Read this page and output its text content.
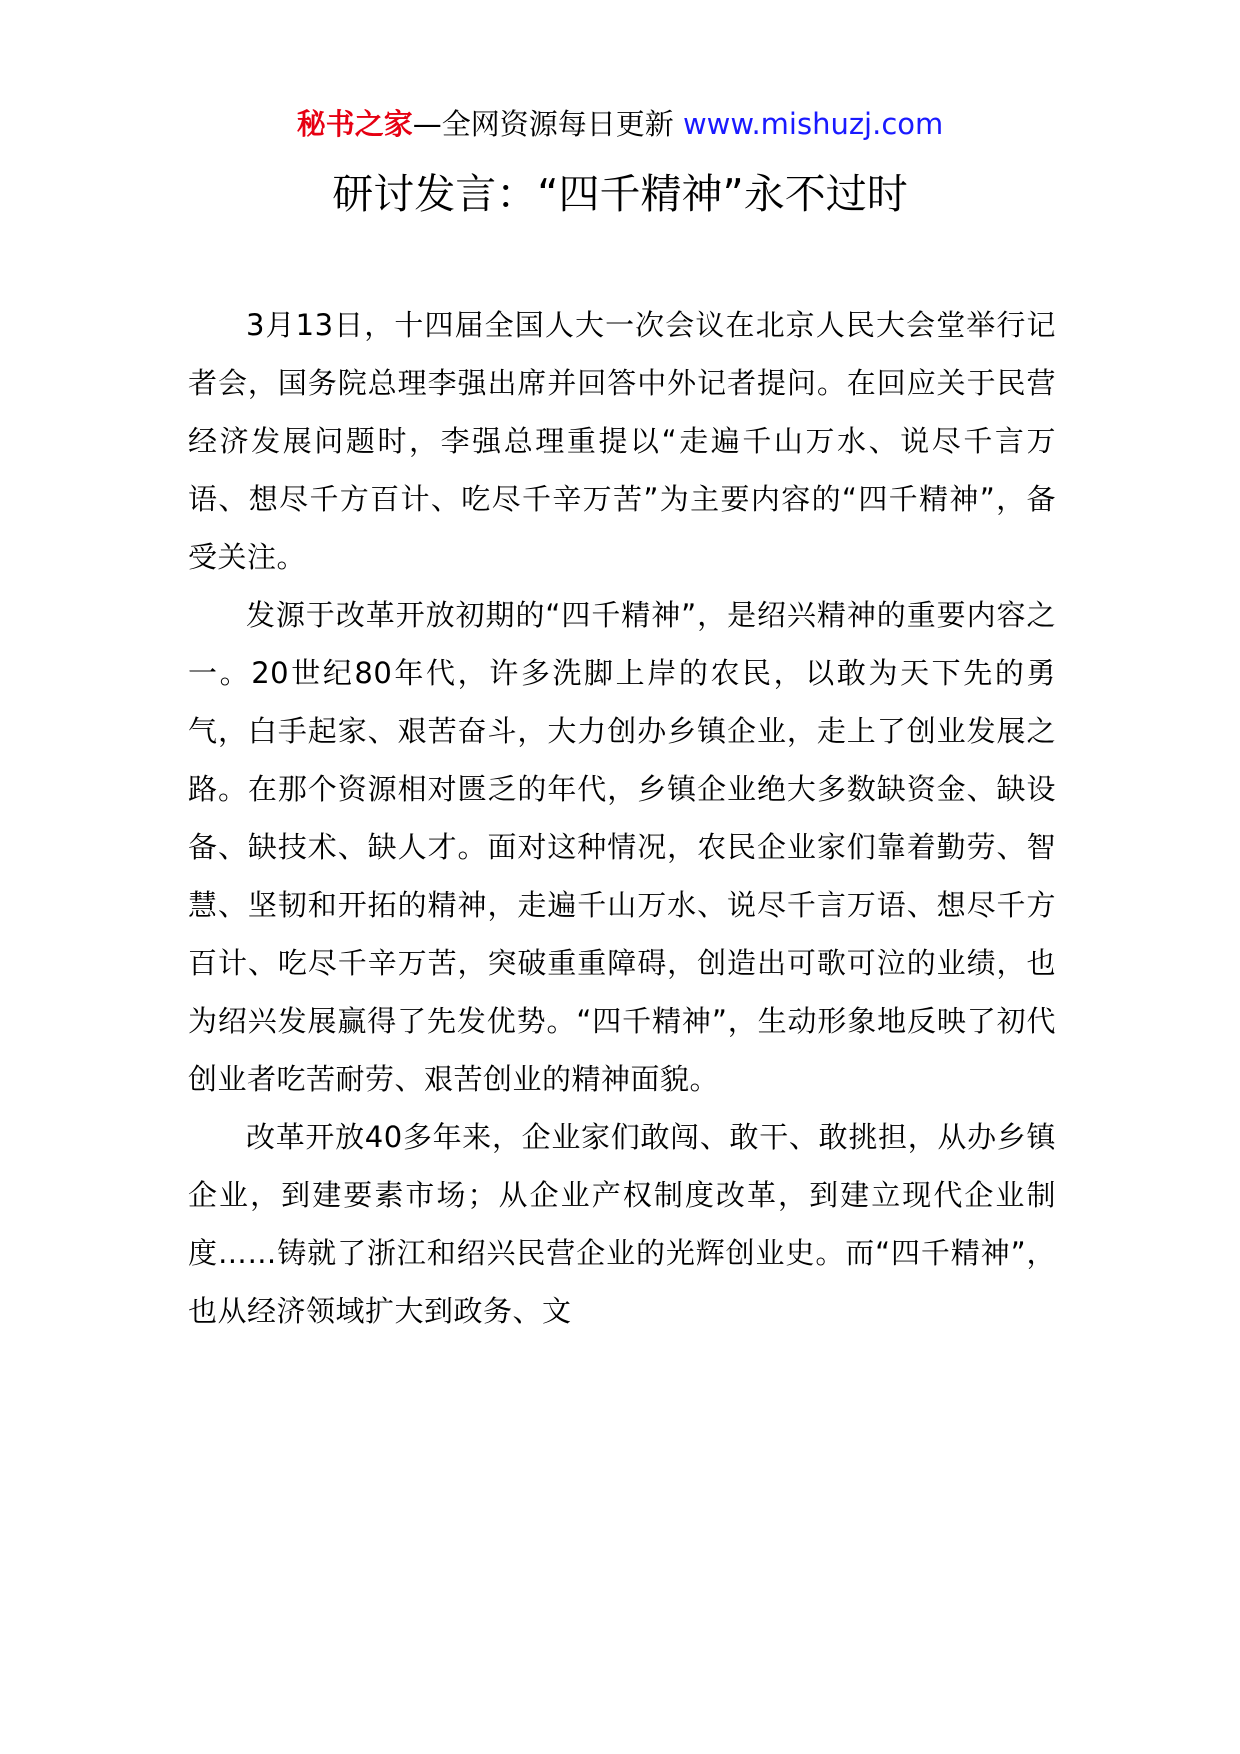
秘书之家—全网资源每日更新 www.mishuzj.com
研讨发言：“四千精神”永不过时

3月13日，十四届全国人大一次会议在北京人民大会堂举行记者会，国务院总理李强出席并回答中外记者提问。在回应关于民营经济发展问题时，李强总理重提以“走遍千山万水、说尽千言万语、想尽千方百计、吃尽千辛万苦”为主要内容的“四千精神”，备受关注。

发源于改革开放初期的“四千精神”，是绍兴精神的重要内容之一。20世纪80年代，许多洗脚上岸的农民，以敢为天下先的勇气，白手起家、艰苦奋斗，大力创办乡镇企业，走上了创业发展之路。在那个资源相对匮乏的年代，乡镇企业绝大多数缺资金、缺设备、缺技术、缺人才。面对这种情况，农民企业家们靠着勤劳、智慧、坚韧和开拓的精神，走遍千山万水、说尽千言万语、想尽千方百计、吃尽千辛万苦，突破重重障碍，创造出可歌可泣的业绩，也为绍兴发展赢得了先发优势。“四千精神”，生动形象地反映了初代创业者吃苦耐劳、艰苦创业的精神面貌。

改革开放40多年来，企业家们敢闯、敢干、敢挑担，从办乡镇企业，到建要素市场；从企业产权制度改革，到建立现代企业制度……铸就了浙江和绍兴民营企业的光辉创业史。而“四千精神”，也从经济领域扩大到政务、文
